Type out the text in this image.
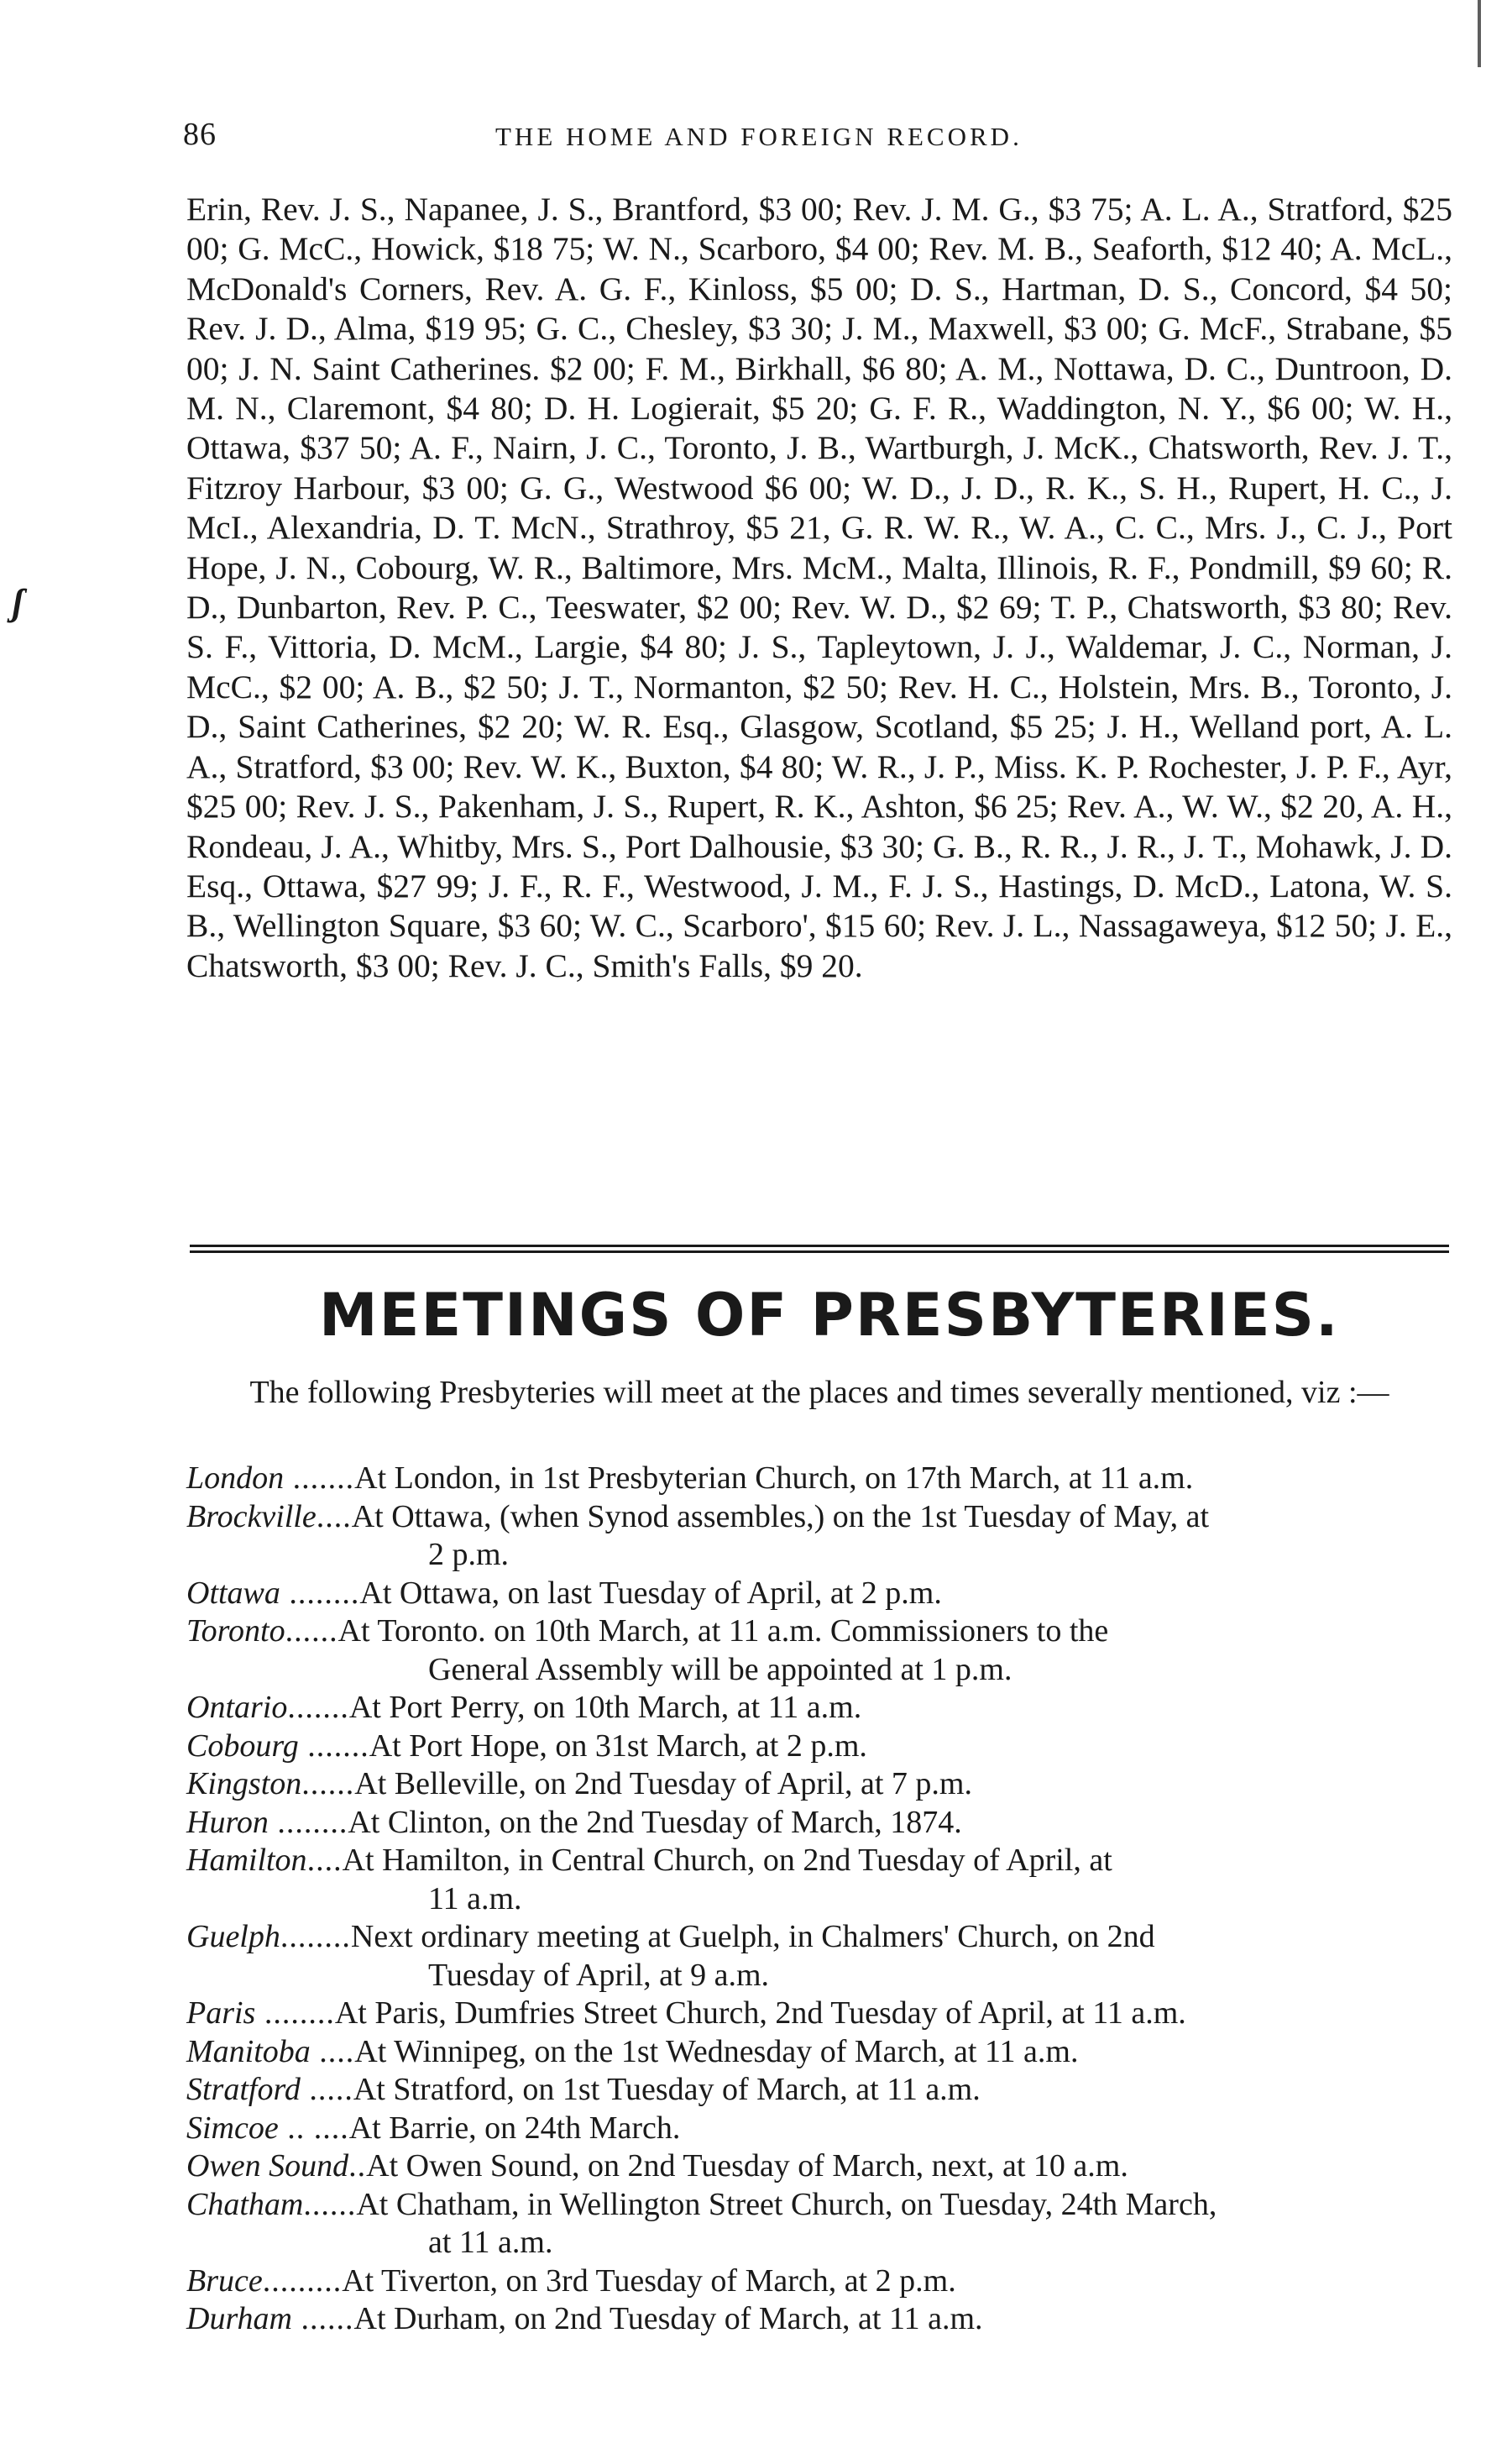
86	THE HOME AND FOREIGN RECORD.
ʃ

Erin, Rev. J. S., Napanee, J. S., Brantford, $3 00; Rev. J. M. G., $3 75; A. L. A., Stratford, $25 00; G. McC., Howick, $18 75; W. N., Scarboro, $4 00; Rev. M. B., Seaforth, $12 40; A. McL., McDonald's Corners, Rev. A. G. F., Kinloss, $5 00; D. S., Hartman, D. S., Concord, $4 50; Rev. J. D., Alma, $19 95; G. C., Chesley, $3 30; J. M., Maxwell, $3 00; G. McF., Strabane, $5 00; J. N. Saint Catherines. $2 00; F. M., Birkhall, $6 80; A. M., Nottawa, D. C., Duntroon, D. M. N., Claremont, $4 80; D. H. Logierait, $5 20; G. F. R., Waddington, N. Y., $6 00; W. H., Ottawa, $37 50; A. F., Nairn, J. C., Toronto, J. B., Wartburgh, J. McK., Chatsworth, Rev. J. T., Fitzroy Harbour, $3 00; G. G., Westwood $6 00; W. D., J. D., R. K., S. H., Rupert, H. C., J. McI., Alexandria, D. T. McN., Strathroy, $5 21, G. R. W. R., W. A., C. C., Mrs. J., C. J., Port Hope, J. N., Cobourg, W. R., Baltimore, Mrs. McM., Malta, Illinois, R. F., Pondmill, $9 60; R. D., Dunbarton, Rev. P. C., Teeswater, $2 00; Rev. W. D., $2 69; T. P., Chatsworth, $3 80; Rev. S. F., Vittoria, D. McM., Largie, $4 80; J. S., Tapleytown, J. J., Waldemar, J. C., Norman, J. McC., $2 00; A. B., $2 50; J. T., Normanton, $2 50; Rev. H. C., Holstein, Mrs. B., Toronto, J. D., Saint Catherines, $2 20; W. R. Esq., Glasgow, Scotland, $5 25; J. H., Welland port, A. L. A., Stratford, $3 00; Rev. W. K., Buxton, $4 80; W. R., J. P., Miss. K. P. Rochester, J. P. F., Ayr, $25 00; Rev. J. S., Pakenham, J. S., Rupert, R. K., Ashton, $6 25; Rev. A., W. W., $2 20, A. H., Rondeau, J. A., Whitby, Mrs. S., Port Dalhousie, $3 30; G. B., R. R., J. R., J. T., Mohawk, J. D. Esq., Ottawa, $27 99; J. F., R. F., Westwood, J. M., F. J. S., Hastings, D. McD., Latona, W. S. B., Wellington Square, $3 60; W. C., Scarboro', $15 60; Rev. J. L., Nassagaweya, $12 50; J. E., Chatsworth, $3 00; Rev. J. C., Smith's Falls, $9 20.

MEETINGS OF PRESBYTERIES.

The following Presbyteries will meet at the places and times severally mentioned, viz :—

London .......At London, in 1st Presbyterian Church, on 17th March, at 11 a.m.
Brockville....At Ottawa, (when Synod assembles,) on the 1st Tuesday of May, at
2 p.m.
Ottawa ........At Ottawa, on last Tuesday of April, at 2 p.m.
Toronto......At Toronto. on 10th March, at 11 a.m. Commissioners to the
General Assembly will be appointed at 1 p.m.
Ontario.......At Port Perry, on 10th March, at 11 a.m.
Cobourg .......At Port Hope, on 31st March, at 2 p.m.
Kingston......At Belleville, on 2nd Tuesday of April, at 7 p.m.
Huron ........At Clinton, on the 2nd Tuesday of March, 1874.
Hamilton....At Hamilton, in Central Church, on 2nd Tuesday of April, at
11 a.m.
Guelph........Next ordinary meeting at Guelph, in Chalmers' Church, on 2nd
Tuesday of April, at 9 a.m.
Paris ........At Paris, Dumfries Street Church, 2nd Tuesday of April, at 11 a.m.
Manitoba ....At Winnipeg, on the 1st Wednesday of March, at 11 a.m.
Stratford .....At Stratford, on 1st Tuesday of March, at 11 a.m.
Simcoe .. ....At Barrie, on 24th March.
Owen Sound..At Owen Sound, on 2nd Tuesday of March, next, at 10 a.m.
Chatham......At Chatham, in Wellington Street Church, on Tuesday, 24th March,
at 11 a.m.
Bruce.........At Tiverton, on 3rd Tuesday of March, at 2 p.m.
Durham ......At Durham, on 2nd Tuesday of March, at 11 a.m.
